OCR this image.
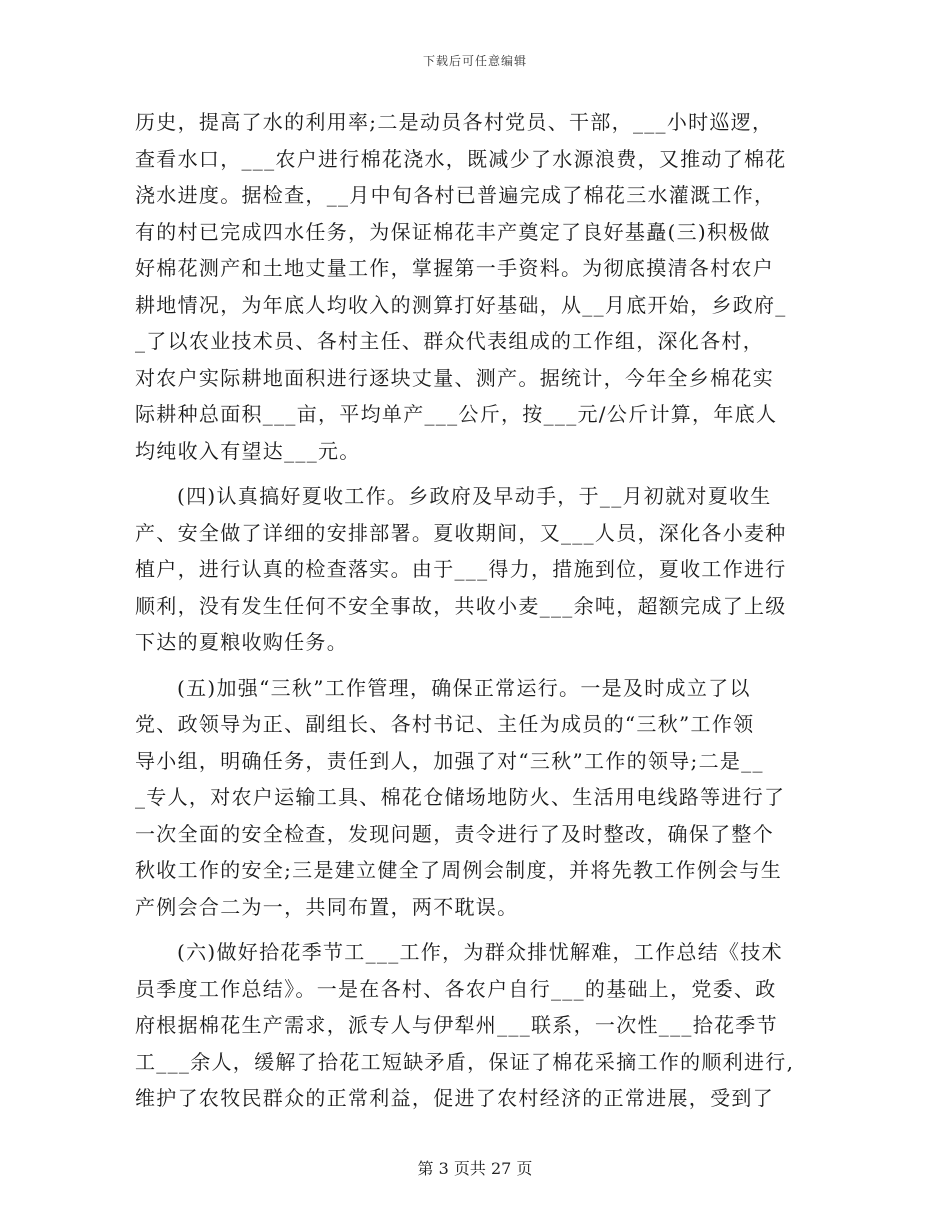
下载后可任意编辑
历史，提高了水的利用率;二是动员各村党员、干部，___小时巡逻，
查看水口，___农户进行棉花浇水，既减少了水源浪费，又推动了棉花
浇水进度。据检查，__月中旬各村已普遍完成了棉花三水灌溉工作，
有的村已完成四水任务，为保证棉花丰产奠定了良好基矗(三)积极做
好棉花测产和土地丈量工作，掌握第一手资料。为彻底摸清各村农户
耕地情况，为年底人均收入的测算打好基础，从__月底开始，乡政府_
_了以农业技术员、各村主任、群众代表组成的工作组，深化各村，
对农户实际耕地面积进行逐块丈量、测产。据统计，今年全乡棉花实
际耕种总面积___亩，平均单产___公斤，按___元/公斤计算，年底人
均纯收入有望达___元。
(四)认真搞好夏收工作。乡政府及早动手，于__月初就对夏收生
产、安全做了详细的安排部署。夏收期间，又___人员，深化各小麦种
植户，进行认真的检查落实。由于___得力，措施到位，夏收工作进行
顺利，没有发生任何不安全事故，共收小麦___余吨，超额完成了上级
下达的夏粮收购任务。
(五)加强“三秋”工作管理，确保正常运行。一是及时成立了以
党、政领导为正、副组长、各村书记、主任为成员的“三秋”工作领
导小组，明确任务，责任到人，加强了对“三秋”工作的领导;二是__
_专人，对农户运输工具、棉花仓储场地防火、生活用电线路等进行了
一次全面的安全检查，发现问题，责令进行了及时整改，确保了整个
秋收工作的安全;三是建立健全了周例会制度，并将先教工作例会与生
产例会合二为一，共同布置，两不耽误。
(六)做好拾花季节工___工作，为群众排忧解难，工作总结《技术
员季度工作总结》。一是在各村、各农户自行___的基础上，党委、政
府根据棉花生产需求，派专人与伊犁州___联系，一次性___拾花季节
工___余人，缓解了拾花工短缺矛盾，保证了棉花采摘工作的顺利进行,
维护了农牧民群众的正常利益，促进了农村经济的正常进展，受到了
第 3 页共 27 页
